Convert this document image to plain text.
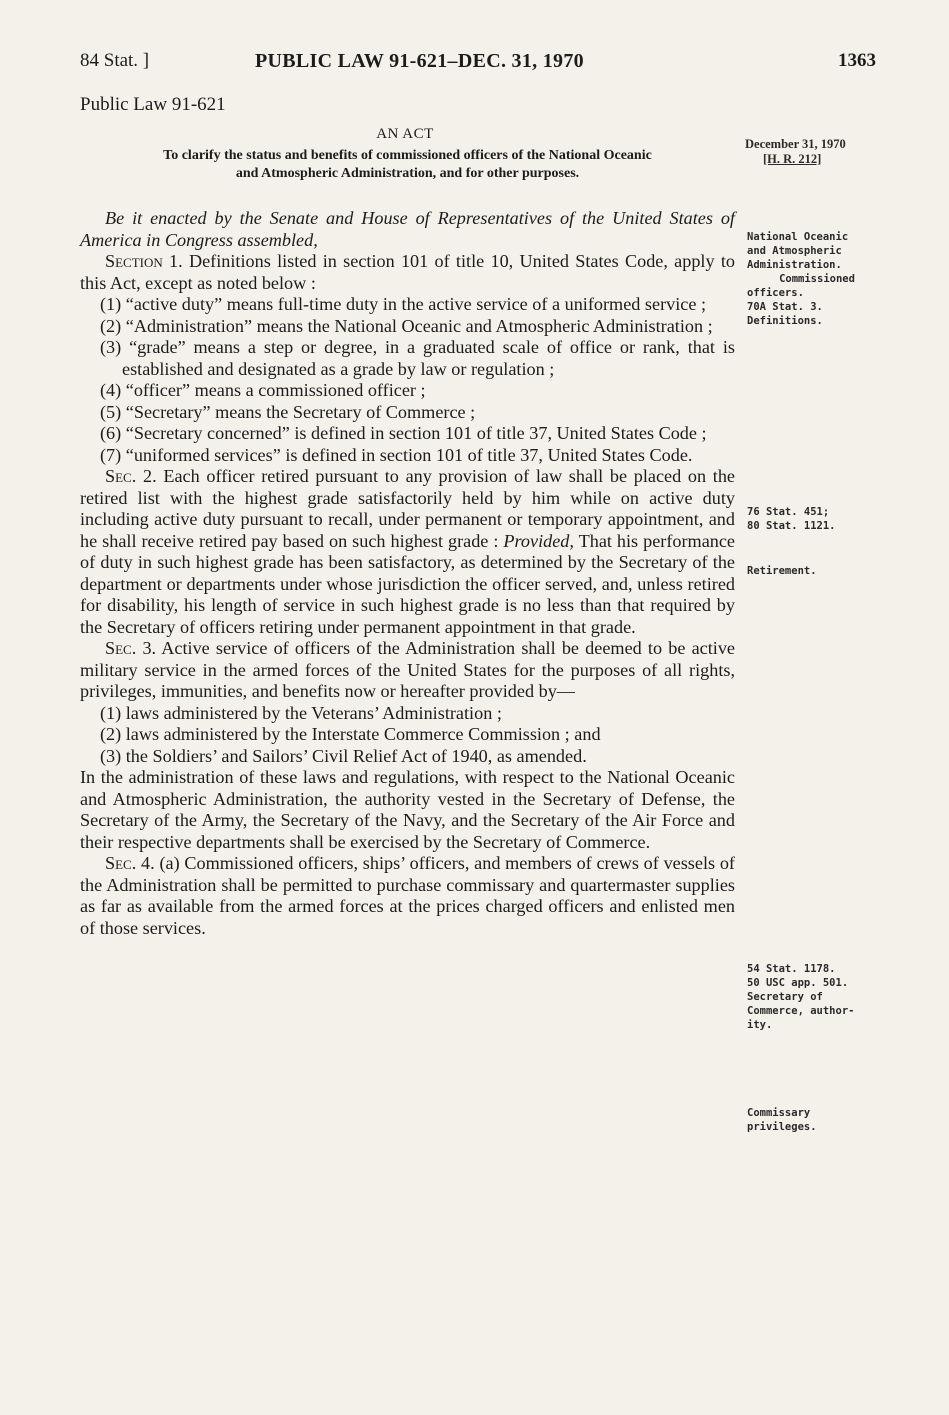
84 Stat. ]	PUBLIC LAW 91-621–DEC. 31, 1970	1363
Public Law 91-621
AN ACT
To clarify the status and benefits of commissioned officers of the National Oceanic
and Atmospheric Administration, and for other purposes.
December 31, 1970
[H. R. 212]
National Oceanic
and Atmospheric
Administration.
Commissioned
officers.
70A Stat. 3.
Definitions.
76 Stat. 451;
80 Stat. 1121.
Retirement.
54 Stat. 1178.
50 USC app. 501.
Secretary of
Commerce, author-
ity.
Commissary
privileges.

Be it enacted by the Senate and House of Representatives of the United States of America in Congress assembled,

Section 1. Definitions listed in section 101 of title 10, United States Code, apply to this Act, except as noted below :

(1) “active duty” means full-time duty in the active service of a uniformed service ;

(2) “Administration” means the National Oceanic and Atmospheric Administration ;

(3) “grade” means a step or degree, in a graduated scale of office or rank, that is established and designated as a grade by law or regulation ;

(4) “officer” means a commissioned officer ;

(5) “Secretary” means the Secretary of Commerce ;

(6) “Secretary concerned” is defined in section 101 of title 37, United States Code ;

(7) “uniformed services” is defined in section 101 of title 37, United States Code.

Sec. 2. Each officer retired pursuant to any provision of law shall be placed on the retired list with the highest grade satisfactorily held by him while on active duty including active duty pursuant to recall, under permanent or temporary appointment, and he shall receive retired pay based on such highest grade : Provided, That his performance of duty in such highest grade has been satisfactory, as determined by the Secretary of the department or departments under whose jurisdiction the officer served, and, unless retired for disability, his length of service in such highest grade is no less than that required by the Secretary of officers retiring under permanent appointment in that grade.

Sec. 3. Active service of officers of the Administration shall be deemed to be active military service in the armed forces of the United States for the purposes of all rights, privileges, immunities, and benefits now or hereafter provided by—

(1) laws administered by the Veterans’ Administration ;

(2) laws administered by the Interstate Commerce Commission ; and

(3) the Soldiers’ and Sailors’ Civil Relief Act of 1940, as amended.

In the administration of these laws and regulations, with respect to the National Oceanic and Atmospheric Administration, the authority vested in the Secretary of Defense, the Secretary of the Army, the Secretary of the Navy, and the Secretary of the Air Force and their respective departments shall be exercised by the Secretary of Commerce.

Sec. 4. (a) Commissioned officers, ships’ officers, and members of crews of vessels of the Administration shall be permitted to purchase commissary and quartermaster supplies as far as available from the armed forces at the prices charged officers and enlisted men of those services.
